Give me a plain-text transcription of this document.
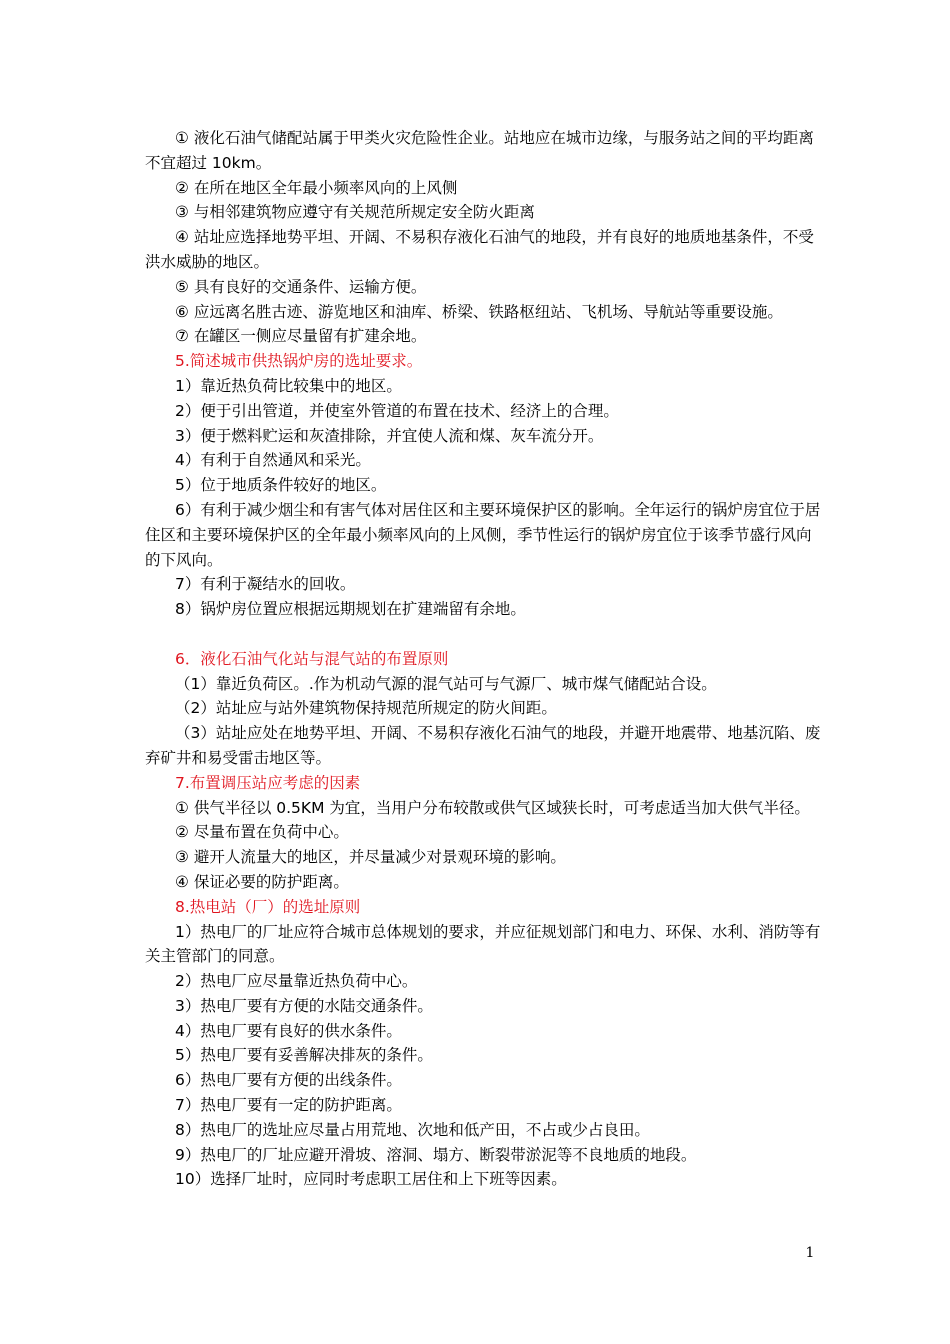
① 液化石油气储配站属于甲类火灾危险性企业。站地应在城市边缘，与服务站之间的平均距离不宜超过 10km。

② 在所在地区全年最小频率风向的上风侧

③ 与相邻建筑物应遵守有关规范所规定安全防火距离

④ 站址应选择地势平坦、开阔、不易积存液化石油气的地段，并有良好的地质地基条件，不受洪水威胁的地区。

⑤ 具有良好的交通条件、运输方便。

⑥ 应远离名胜古迹、游览地区和油库、桥梁、铁路枢纽站、飞机场、导航站等重要设施。

⑦ 在罐区一侧应尽量留有扩建余地。

5.简述城市供热锅炉房的选址要求。

1）靠近热负荷比较集中的地区。

2）便于引出管道，并使室外管道的布置在技术、经济上的合理。

3）便于燃料贮运和灰渣排除，并宜使人流和煤、灰车流分开。

4）有利于自然通风和采光。

5）位于地质条件较好的地区。

6）有利于减少烟尘和有害气体对居住区和主要环境保护区的影响。全年运行的锅炉房宜位于居住区和主要环境保护区的全年最小频率风向的上风侧，季节性运行的锅炉房宜位于该季节盛行风向的下风向。

7）有利于凝结水的回收。

8）锅炉房位置应根据远期规划在扩建端留有余地。

6．液化石油气化站与混气站的布置原则

（1）靠近负荷区。.作为机动气源的混气站可与气源厂、城市煤气储配站合设。

（2）站址应与站外建筑物保持规范所规定的防火间距。

（3）站址应处在地势平坦、开阔、不易积存液化石油气的地段，并避开地震带、地基沉陷、废弃矿井和易受雷击地区等。

7.布置调压站应考虑的因素

① 供气半径以 0.5KM 为宜，当用户分布较散或供气区域狭长时，可考虑适当加大供气半径。

② 尽量布置在负荷中心。

③ 避开人流量大的地区，并尽量减少对景观环境的影响。

④ 保证必要的防护距离。

8.热电站（厂）的选址原则

1）热电厂的厂址应符合城市总体规划的要求，并应征规划部门和电力、环保、水利、消防等有关主管部门的同意。

2）热电厂应尽量靠近热负荷中心。

3）热电厂要有方便的水陆交通条件。

4）热电厂要有良好的供水条件。

5）热电厂要有妥善解决排灰的条件。

6）热电厂要有方便的出线条件。

7）热电厂要有一定的防护距离。

8）热电厂的选址应尽量占用荒地、次地和低产田，不占或少占良田。

9）热电厂的厂址应避开滑坡、溶洞、塌方、断裂带淤泥等不良地质的地段。

10）选择厂址时，应同时考虑职工居住和上下班等因素。

1
